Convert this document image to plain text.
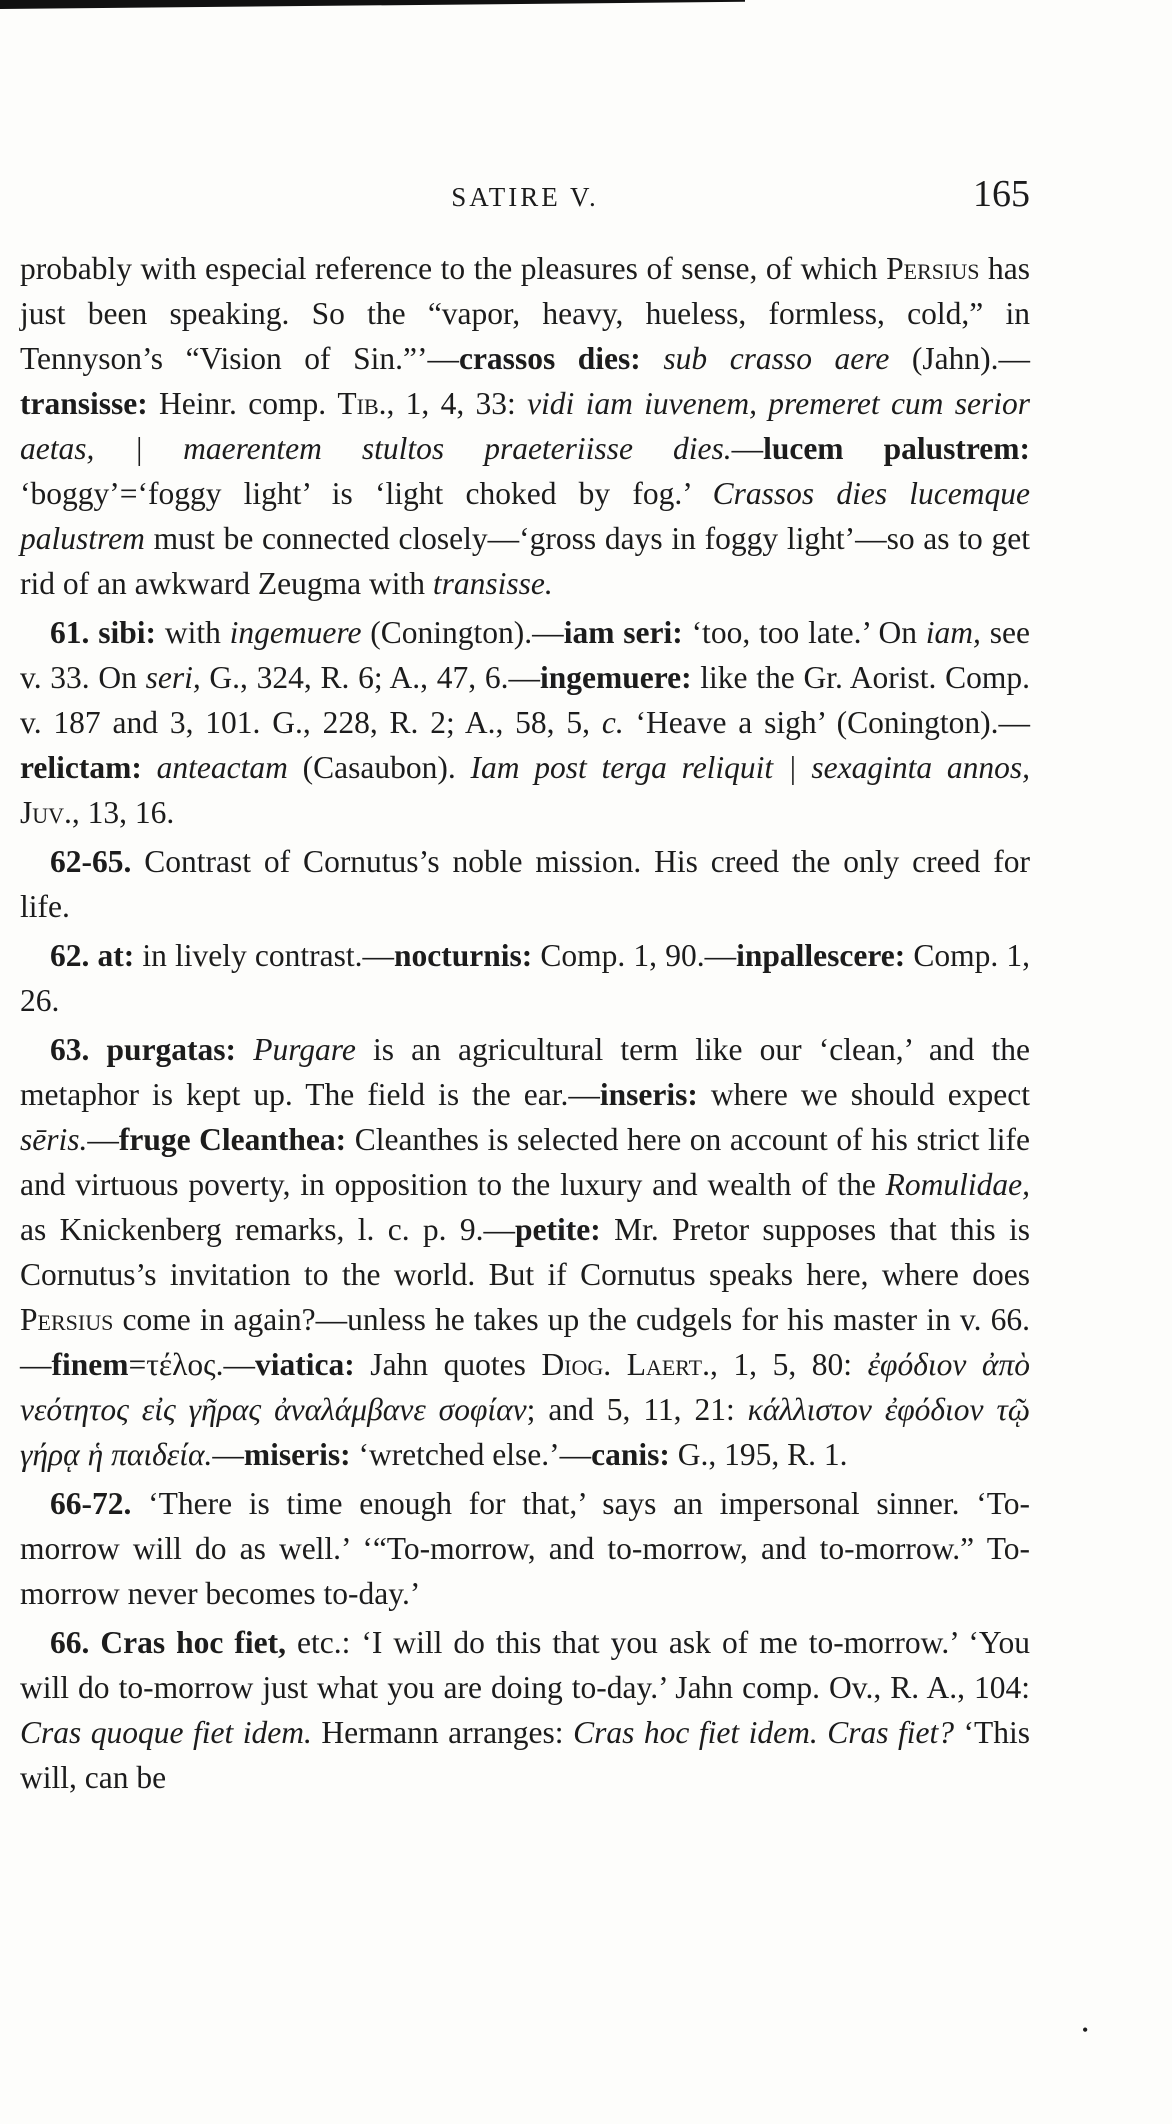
SATIRE V.	165

probably with especial reference to the pleasures of sense, of which Persius has just been speaking. So the “vapor, heavy, hueless, formless, cold,” in Tennyson’s “Vision of Sin.”’—crassos dies: sub crasso aere (Jahn).—transisse: Heinr. comp. Tib., 1, 4, 33: vidi iam iuvenem, premeret cum serior aetas, | maerentem stultos praeteriisse dies.—lucem palustrem: ‘boggy’=‘foggy light’ is ‘light choked by fog.’ Crassos dies lucemque palustrem must be connected closely—‘gross days in foggy light’—so as to get rid of an awkward Zeugma with transisse.

61. sibi: with ingemuere (Conington).—iam seri: ‘too, too late.’ On iam, see v. 33. On seri, G., 324, R. 6; A., 47, 6.—ingemuere: like the Gr. Aorist. Comp. v. 187 and 3, 101. G., 228, R. 2; A., 58, 5, c. ‘Heave a sigh’ (Conington).—relictam: anteactam (Casaubon). Iam post terga reliquit | sexaginta annos, Juv., 13, 16.

62-65. Contrast of Cornutus’s noble mission. His creed the only creed for life.

62. at: in lively contrast.—nocturnis: Comp. 1, 90.—inpallescere: Comp. 1, 26.

63. purgatas: Purgare is an agricultural term like our ‘clean,’ and the metaphor is kept up. The field is the ear.—inseris: where we should expect sēris.—fruge Cleanthea: Cleanthes is selected here on account of his strict life and virtuous poverty, in opposition to the luxury and wealth of the Romulidae, as Knickenberg remarks, l. c. p. 9.—petite: Mr. Pretor supposes that this is Cornutus’s invitation to the world. But if Cornutus speaks here, where does Persius come in again?—unless he takes up the cudgels for his master in v. 66.—finem=τέλος.—viatica: Jahn quotes Diog. Laert., 1, 5, 80: ἐφόδιον ἀπὸ νεότητος εἰς γῆρας ἀναλάμβανε σοφίαν; and 5, 11, 21: κάλλιστον ἐφόδιον τῷ γήρᾳ ἡ παιδεία.—miseris: ‘wretched else.’—canis: G., 195, R. 1.

66-72. ‘There is time enough for that,’ says an impersonal sinner. ‘To-morrow will do as well.’ ‘“To-morrow, and to-morrow, and to-morrow.” To-morrow never becomes to-day.’

66. Cras hoc fiet, etc.: ‘I will do this that you ask of me to-morrow.’ ‘You will do to-morrow just what you are doing to-day.’ Jahn comp. Ov., R. A., 104: Cras quoque fiet idem. Hermann arranges: Cras hoc fiet idem. Cras fiet? ‘This will, can be

•
